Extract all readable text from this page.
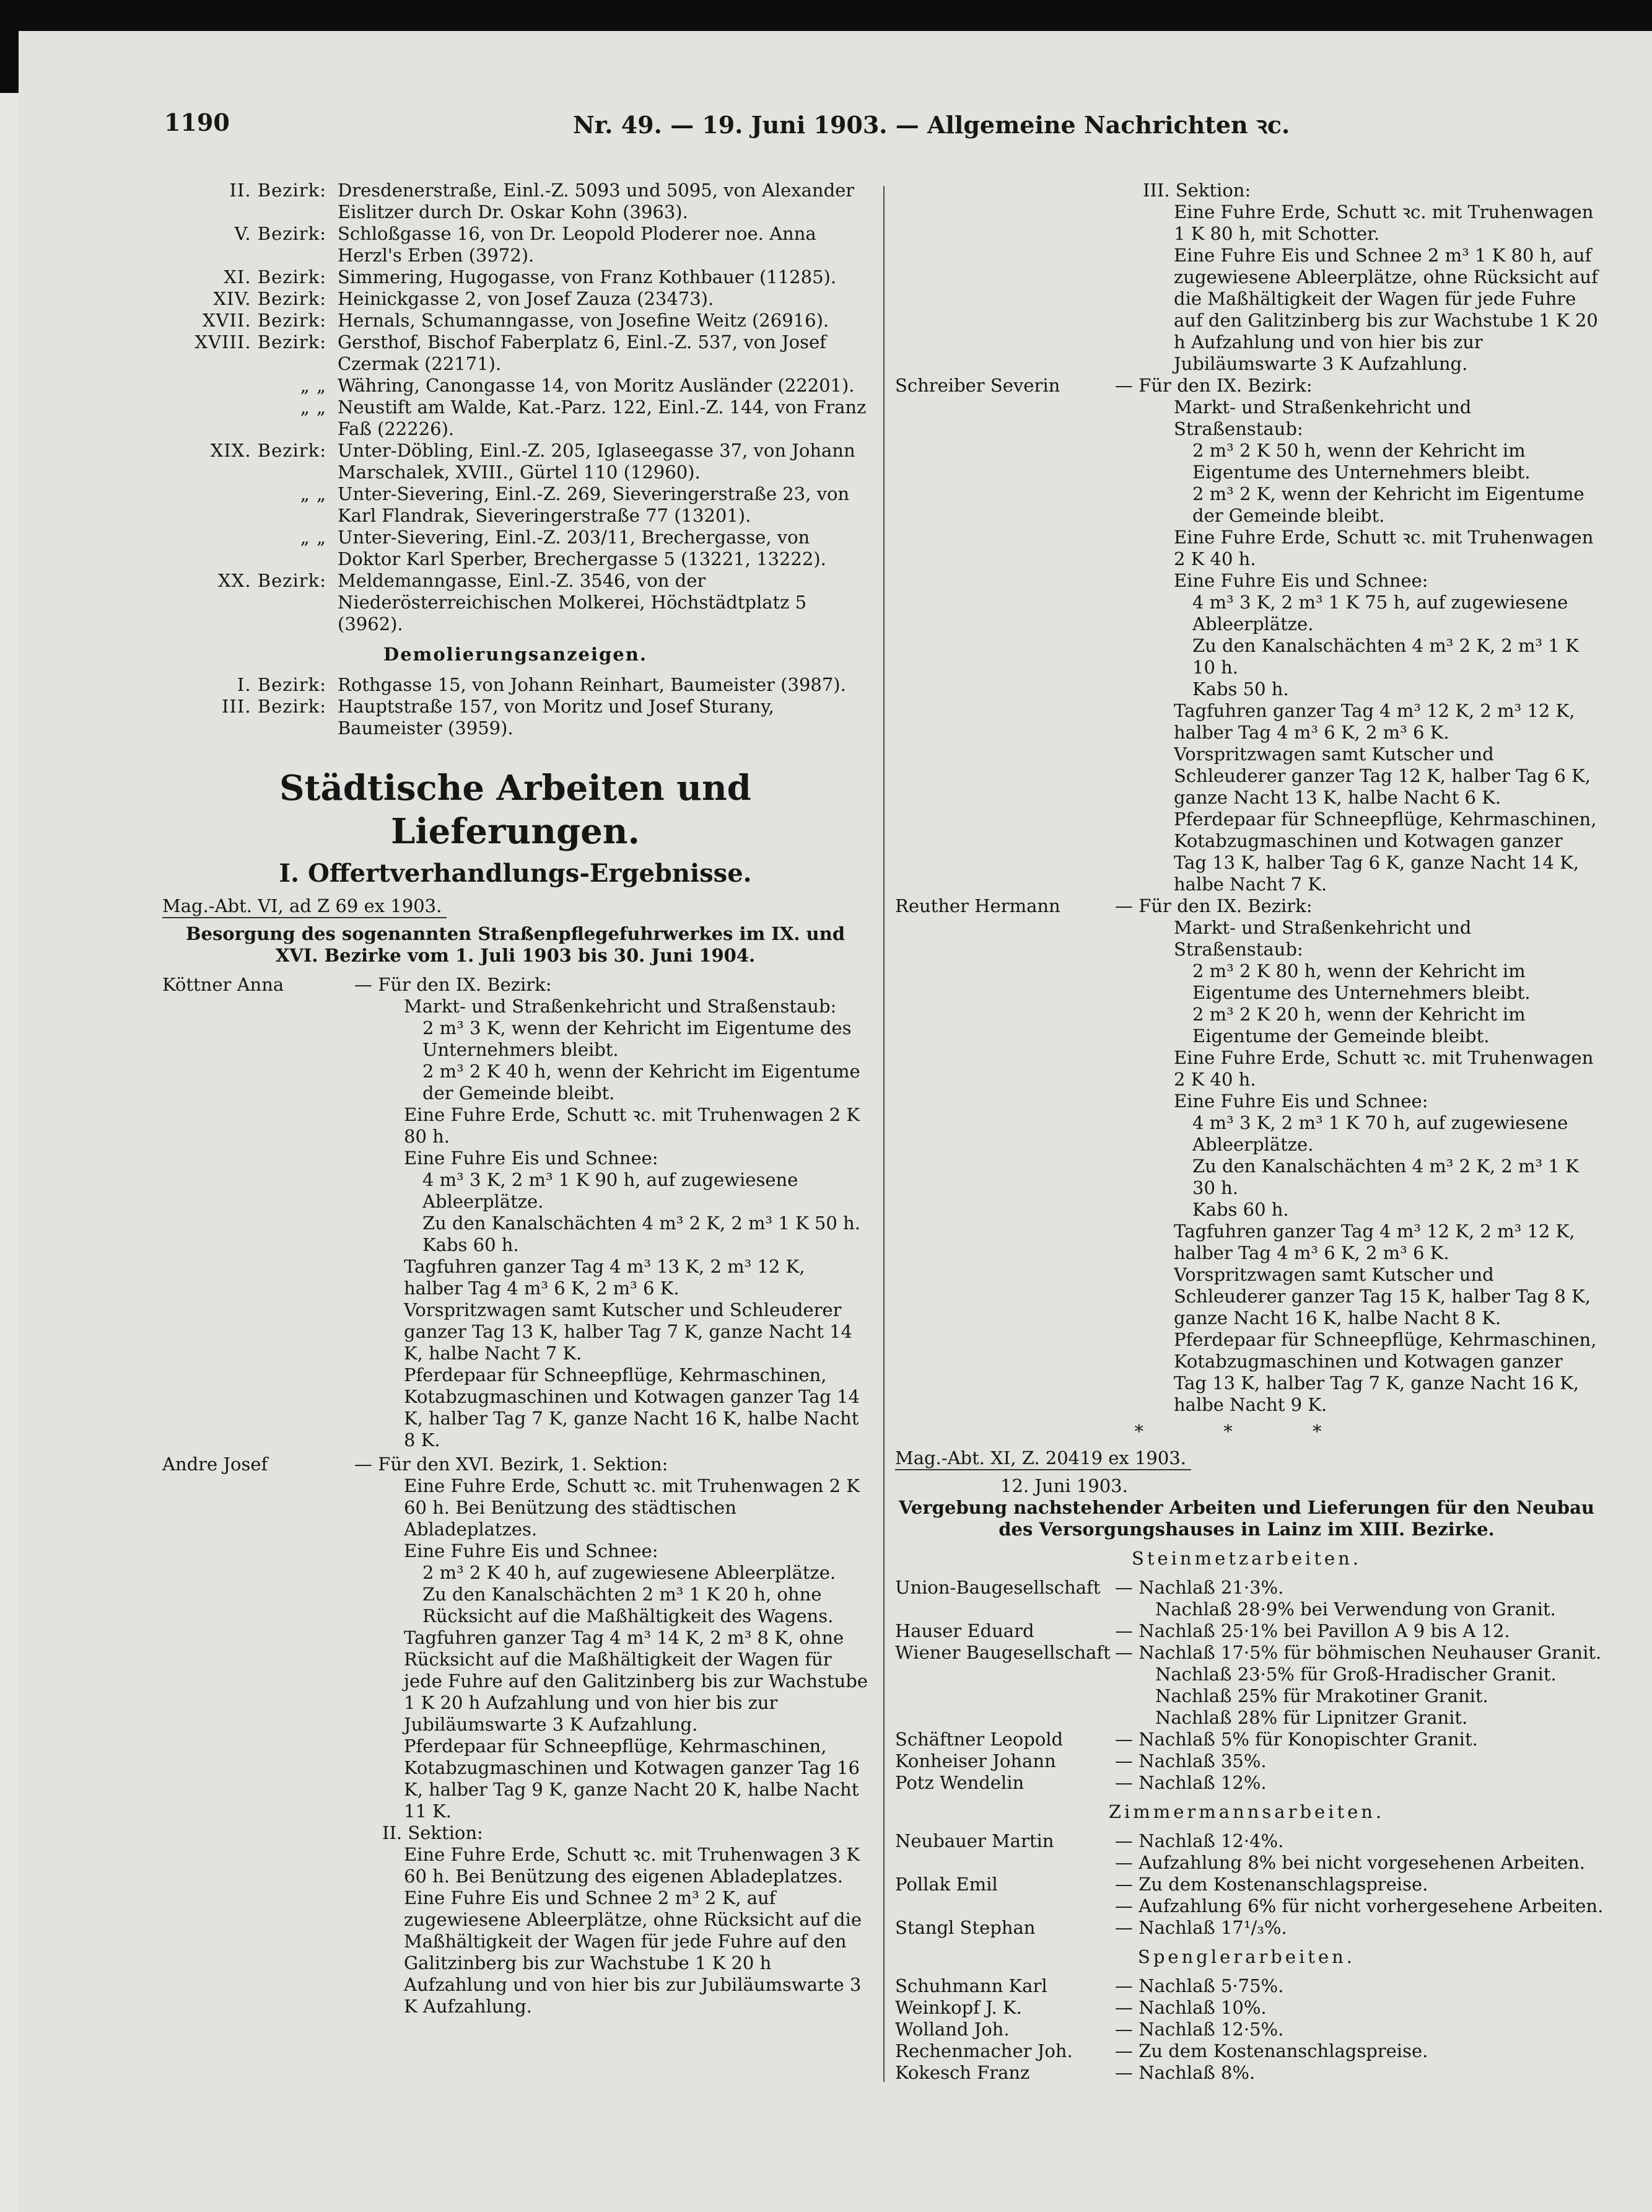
1190	Nr. 49. — 19. Juni 1903. — Allgemeine Nachrichten ꝛc.
II. Bezirk: Dresdenerstraße, Einl.-Z. 5093 und 5095, von Alexander Eislitzer durch Dr. Oskar Kohn (3963).
V. Bezirk: Schloßgasse 16, von Dr. Leopold Ploderer noe. Anna Herzl's Erben (3972).
XI. Bezirk: Simmering, Hugogasse, von Franz Kothbauer (11285).
XIV. Bezirk: Heinickgasse 2, von Josef Zauza (23473).
XVII. Bezirk: Hernals, Schumanngasse, von Josefine Weitz (26916).
XVIII. Bezirk: Gersthof, Bischof Faberplatz 6, Einl.-Z. 537, von Josef Czermak (22171).
„ „ Währing, Canongasse 14, von Moritz Ausländer (22201).
„ „ Neustift am Walde, Kat.-Parz. 122, Einl.-Z. 144, von Franz Faß (22226).
XIX. Bezirk: Unter-Döbling, Einl.-Z. 205, Iglaseegasse 37, von Johann Marschalek, XVIII., Gürtel 110 (12960).
„ „ Unter-Sievering, Einl.-Z. 269, Sieveringerstraße 23, von Karl Flandrak, Sieveringerstraße 77 (13201).
„ „ Unter-Sievering, Einl.-Z. 203/11, Brechergasse, von Doktor Karl Sperber, Brechergasse 5 (13221, 13222).
XX. Bezirk: Meldemanngasse, Einl.-Z. 3546, von der Niederösterreichischen Molkerei, Höchstädtplatz 5 (3962).
Demolierungsanzeigen.
I. Bezirk: Rothgasse 15, von Johann Reinhart, Baumeister (3987).
III. Bezirk: Hauptstraße 157, von Moritz und Josef Sturany, Baumeister (3959).
Städtische Arbeiten und Lieferungen.
I. Offertverhandlungs-Ergebnisse.
Mag.-Abt. VI, ad Z 69 ex 1903.
Besorgung des sogenannten Straßenpflegefuhrwerkes im IX. und XVI. Bezirke vom 1. Juli 1903 bis 30. Juni 1904.
Köttner Anna	— Für den IX. Bezirk:
Markt- und Straßenkehricht und Straßenstaub:
2 m³ 3 K, wenn der Kehricht im Eigentume des Unternehmers bleibt.
2 m³ 2 K 40 h, wenn der Kehricht im Eigentume der Gemeinde bleibt.
Eine Fuhre Erde, Schutt ꝛc. mit Truhenwagen 2 K 80 h.
Eine Fuhre Eis und Schnee:
4 m³ 3 K, 2 m³ 1 K 90 h, auf zugewiesene Ablеerplätze.
Zu den Kanalschächten 4 m³ 2 K, 2 m³ 1 K 50 h.
Kabs 60 h.
Tagfuhren ganzer Tag 4 m³ 13 K, 2 m³ 12 K, halber Tag 4 m³ 6 K, 2 m³ 6 K.
Vorspritzwagen samt Kutscher und Schleuderer ganzer Tag 13 K, halber Tag 7 K, ganze Nacht 14 K, halbe Nacht 7 K.
Pferdepaar für Schneepflüge, Kehrmaschinen, Kotabzugmaschinen und Kotwagen ganzer Tag 14 K, halber Tag 7 K, ganze Nacht 16 K, halbe Nacht 8 K.
Andre Josef	— Für den XVI. Bezirk, 1. Sektion:
Eine Fuhre Erde, Schutt ꝛc. mit Truhenwagen 2 K 60 h. Bei Benützung des städtischen Abladeplatzes.
Eine Fuhre Eis und Schnee:
2 m³ 2 K 40 h, auf zugewiesene Ablеerplätze.
Zu den Kanalschächten 2 m³ 1 K 20 h, ohne Rücksicht auf die Maßhältigkeit des Wagens.
Tagfuhren ganzer Tag 4 m³ 14 K, 2 m³ 8 K, ohne Rücksicht auf die Maßhältigkeit der Wagen für jede Fuhre auf den Galitzinberg bis zur Wachstube 1 K 20 h Aufzahlung und von hier bis zur Jubiläumswarte 3 K Aufzahlung.
Pferdepaar für Schneepflüge, Kehrmaschinen, Kotabzugmaschinen und Kotwagen ganzer Tag 16 K, halber Tag 9 K, ganze Nacht 20 K, halbe Nacht 11 K.
II. Sektion:
Eine Fuhre Erde, Schutt ꝛc. mit Truhenwagen 3 K 60 h. Bei Benützung des eigenen Abladeplatzes.
Eine Fuhre Eis und Schnee 2 m³ 2 K, auf zugewiesene Ablеerplätze, ohne Rücksicht auf die Maßhältigkeit der Wagen für jede Fuhre auf den Galitzinberg bis zur Wachstube 1 K 20 h Aufzahlung und von hier bis zur Jubiläumswarte 3 K Aufzahlung.
III. Sektion:
Eine Fuhre Erde, Schutt ꝛc. mit Truhenwagen 1 K 80 h, mit Schotter.
Eine Fuhre Eis und Schnee 2 m³ 1 K 80 h, auf zugewiesene Ablеerplätze, ohne Rücksicht auf die Maßhältigkeit der Wagen für jede Fuhre auf den Galitzinberg bis zur Wachstube 1 K 20 h Aufzahlung und von hier bis zur Jubiläumswarte 3 K Aufzahlung.
Schreiber Severin	— Für den IX. Bezirk:
Markt- und Straßenkehricht und Straßenstaub:
2 m³ 2 K 50 h, wenn der Kehricht im Eigentume des Unternehmers bleibt.
2 m³ 2 K, wenn der Kehricht im Eigentume der Gemeinde bleibt.
Eine Fuhre Erde, Schutt ꝛc. mit Truhenwagen 2 K 40 h.
Eine Fuhre Eis und Schnee:
4 m³ 3 K, 2 m³ 1 K 75 h, auf zugewiesene Ablеerplätze.
Zu den Kanalschächten 4 m³ 2 K, 2 m³ 1 K 10 h.
Kabs 50 h.
Tagfuhren ganzer Tag 4 m³ 12 K, 2 m³ 12 K, halber Tag 4 m³ 6 K, 2 m³ 6 K.
Vorspritzwagen samt Kutscher und Schleuderer ganzer Tag 12 K, halber Tag 6 K, ganze Nacht 13 K, halbe Nacht 6 K.
Pferdepaar für Schneepflüge, Kehrmaschinen, Kotabzugmaschinen und Kotwagen ganzer Tag 13 K, halber Tag 6 K, ganze Nacht 14 K, halbe Nacht 7 K.
Reuther Hermann	— Für den IX. Bezirk:
Markt- und Straßenkehricht und Straßenstaub:
2 m³ 2 K 80 h, wenn der Kehricht im Eigentume des Unternehmers bleibt.
2 m³ 2 K 20 h, wenn der Kehricht im Eigentume der Gemeinde bleibt.
Eine Fuhre Erde, Schutt ꝛc. mit Truhenwagen 2 K 40 h.
Eine Fuhre Eis und Schnee:
4 m³ 3 K, 2 m³ 1 K 70 h, auf zugewiesene Ablеerplätze.
Zu den Kanalschächten 4 m³ 2 K, 2 m³ 1 K 30 h.
Kabs 60 h.
Tagfuhren ganzer Tag 4 m³ 12 K, 2 m³ 12 K, halber Tag 4 m³ 6 K, 2 m³ 6 K.
Vorspritzwagen samt Kutscher und Schleuderer ganzer Tag 15 K, halber Tag 8 K, ganze Nacht 16 K, halbe Nacht 8 K.
Pferdepaar für Schneepflüge, Kehrmaschinen, Kotabzugmaschinen und Kotwagen ganzer Tag 13 K, halber Tag 7 K, ganze Nacht 16 K, halbe Nacht 9 K.
* * *
Mag.-Abt. XI, Z. 20419 ex 1903.
12. Juni 1903.
Vergebung nachstehender Arbeiten und Lieferungen für den Neubau des Versorgungshauses in Lainz im XIII. Bezirke.
Steinmetzarbeiten.
Union-Baugesellschaft — Nachlaß 21·3%.
Nachlaß 28·9% bei Verwendung von Granit.
Hauser Eduard	— Nachlaß 25·1% bei Pavillon A 9 bis A 12.
Wiener Baugesellschaft — Nachlaß 17·5% für böhmischen Neuhauser Granit.
Nachlaß 23·5% für Groß-Hradischer Granit.
Nachlaß 25% für Mrakotiner Granit.
Nachlaß 28% für Lipnitzer Granit.
Schäftner Leopold	— Nachlaß 5% für Konopischter Granit.
Konheiser Johann	— Nachlaß 35%.
Potz Wendelin	— Nachlaß 12%.
Zimmermannsarbeiten.
Neubauer Martin	— Nachlaß 12·4%.
— Aufzahlung 8% bei nicht vorgesehenen Arbeiten.
Pollak Emil	— Zu dem Kostenanschlagspreise.
— Aufzahlung 6% für nicht vorhergesehene Arbeiten.
Stangl Stephan	— Nachlaß 17¹/₃%.
Spenglerarbeiten.
Schuhmann Karl	— Nachlaß 5·75%.
Weinkopf J. K.	— Nachlaß 10%.
Wolland Joh.	— Nachlaß 12·5%.
Rechenmacher Joh. — Zu dem Kostenanschlagspreise.
Kokesch Franz	— Nachlaß 8%.
